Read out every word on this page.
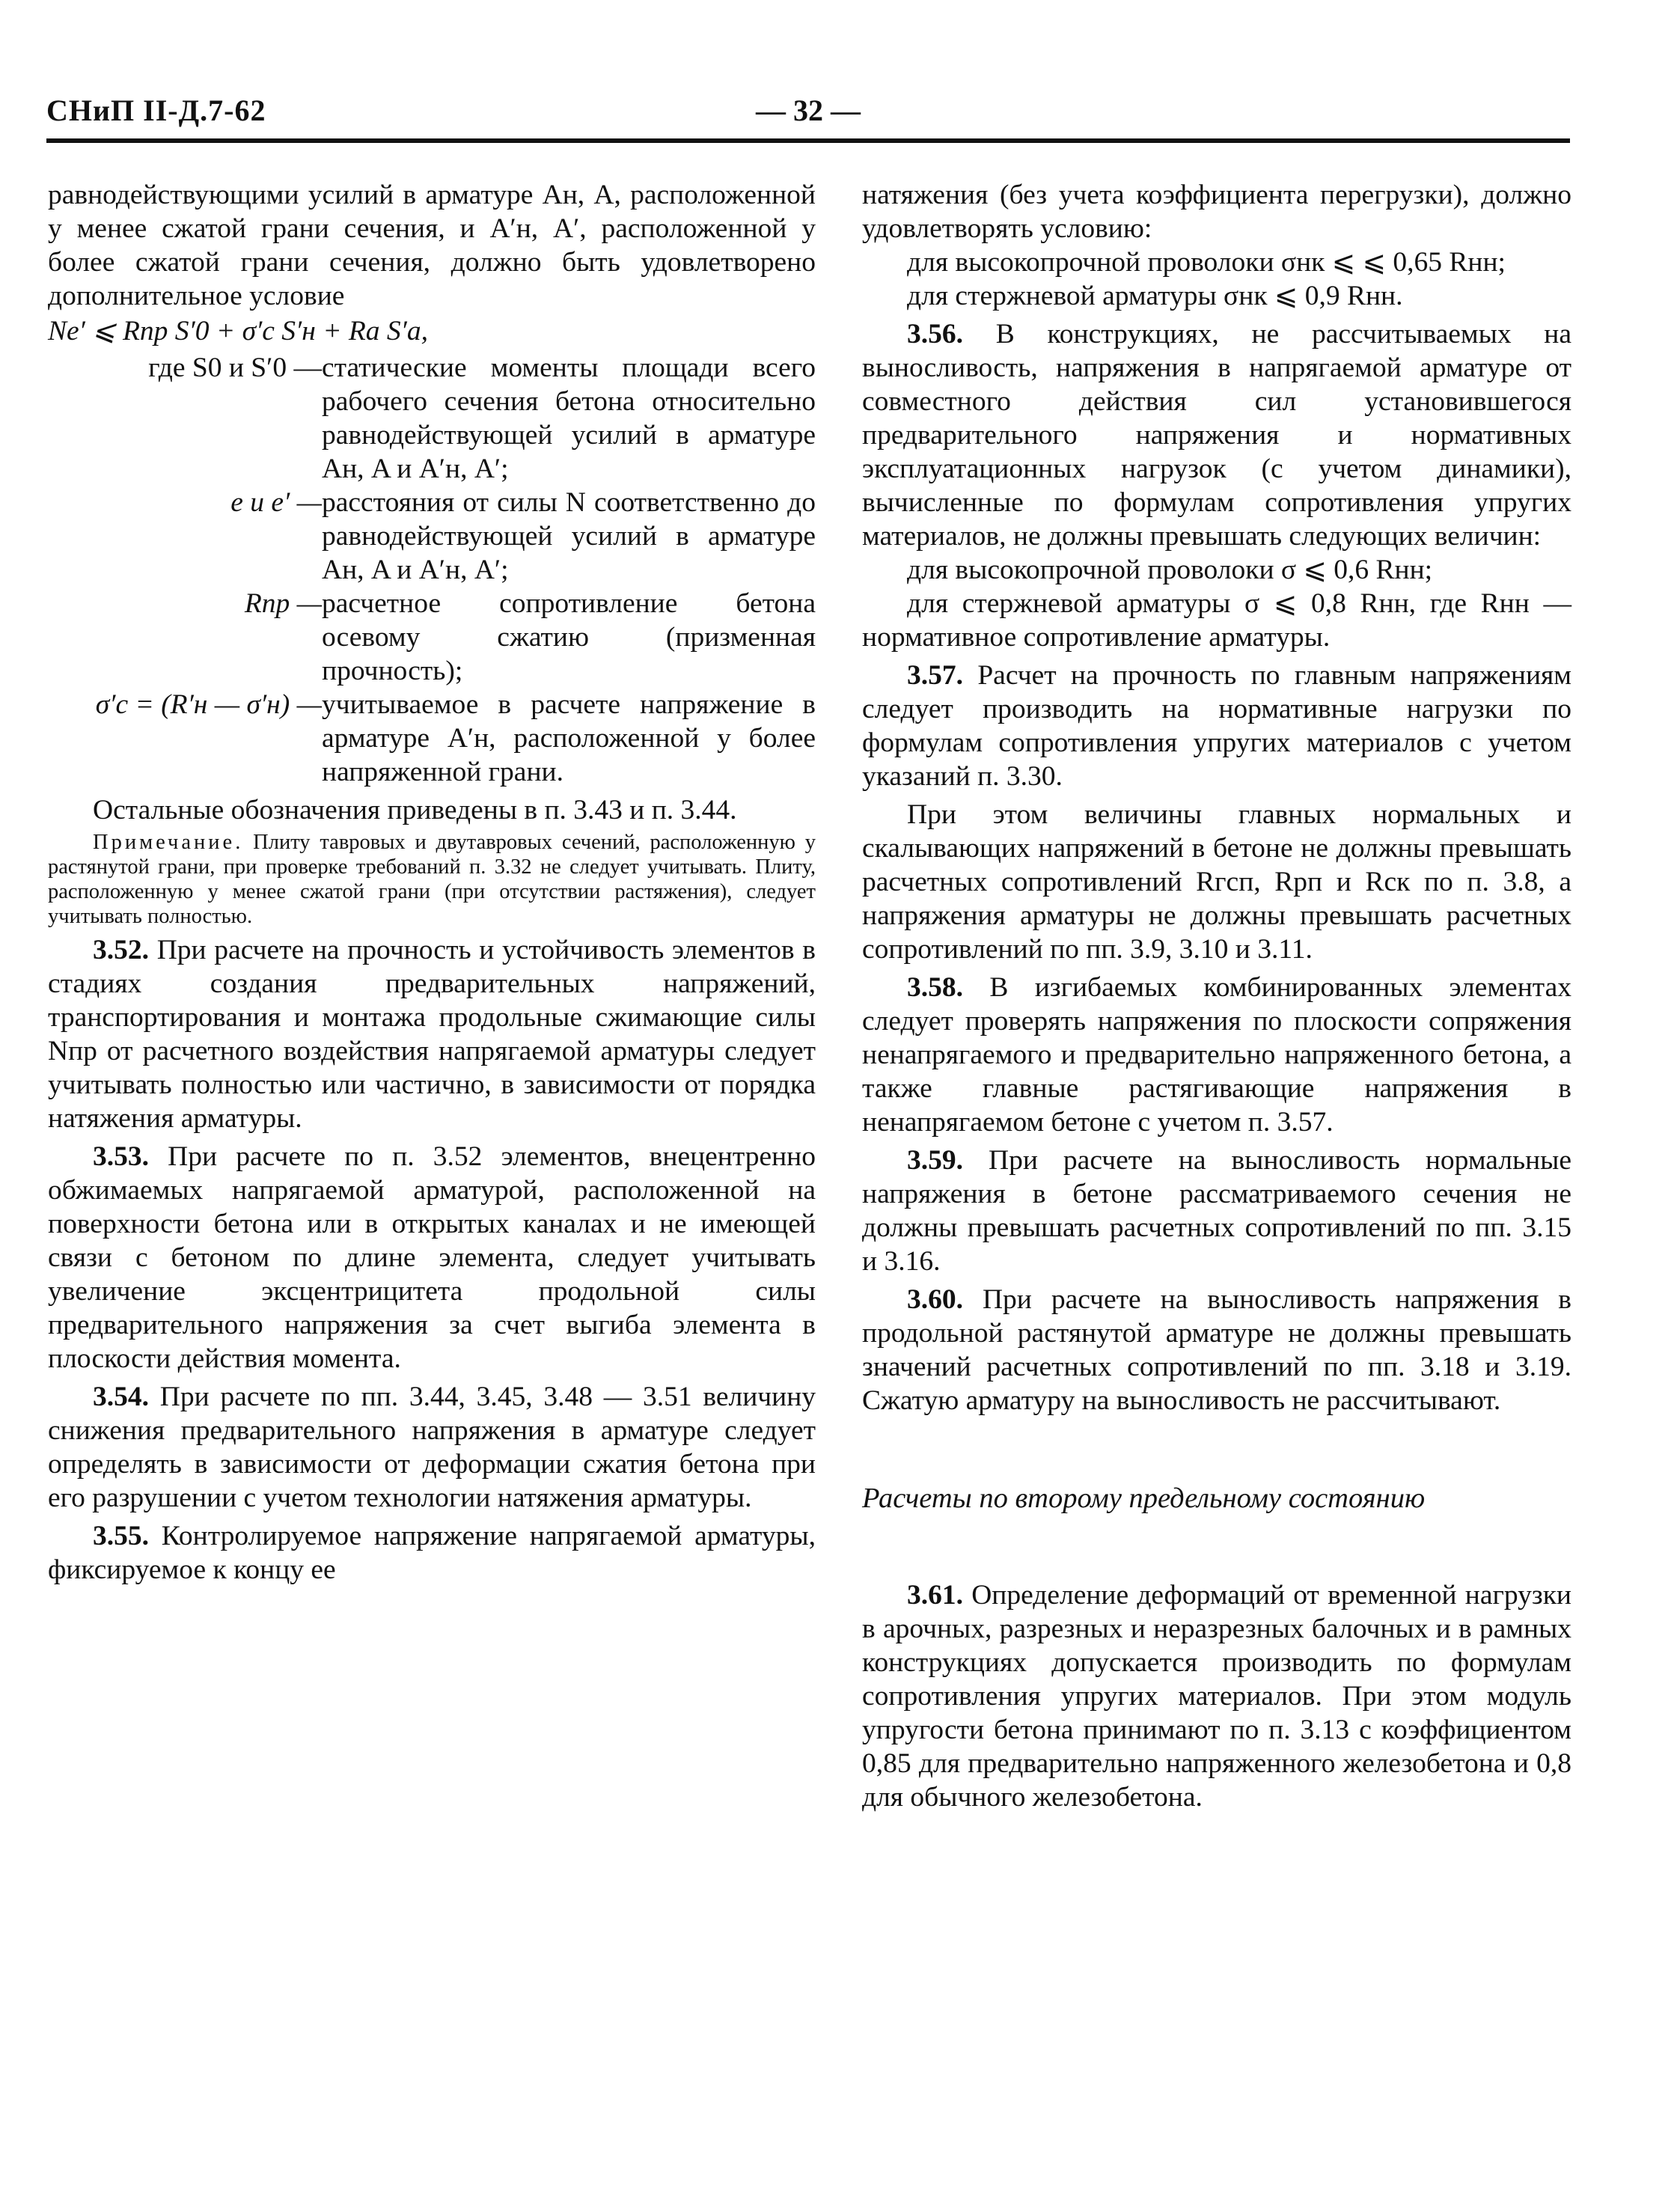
СНиП II-Д.7-62	— 32 —

равнодействующими усилий в арматуре Aн, A, расположенной у менее сжатой грани сечения, и A′н, A′, расположенной у более сжатой грани сечения, должно быть удовлетворено дополнительное условие

Ne′ ⩽ Rпр S′0 + σ′с S′н + Rа S′а,

где S0 и S′0 — статические моменты площади всего рабочего сечения бетона относительно равнодействующей усилий в арматуре Aн, A и A′н, A′;
e и e′ — расстояния от силы N соответственно до равнодействующей усилий в арматуре Aн, A и A′н, A′;
Rпр — расчетное сопротивление бетона осевому сжатию (призменная прочность);
σ′с = (R′н — σ′н) — учитываемое в расчете напряжение в арматуре A′н, расположенной у более напряженной грани.

Остальные обозначения приведены в п. 3.43 и п. 3.44.

Примечание. Плиту тавровых и двутавровых сечений, расположенную у растянутой грани, при проверке требований п. 3.32 не следует учитывать. Плиту, расположенную у менее сжатой грани (при отсутствии растяжения), следует учитывать полностью.

3.52. При расчете на прочность и устойчивость элементов в стадиях создания предварительных напряжений, транспортирования и монтажа продольные сжимающие силы Nпр от расчетного воздействия напрягаемой арматуры следует учитывать полностью или частично, в зависимости от порядка натяжения арматуры.

3.53. При расчете по п. 3.52 элементов, внецентренно обжимаемых напрягаемой арматурой, расположенной на поверхности бетона или в открытых каналах и не имеющей связи с бетоном по длине элемента, следует учитывать увеличение эксцентрицитета продольной силы предварительного напряжения за счет выгиба элемента в плоскости действия момента.

3.54. При расчете по пп. 3.44, 3.45, 3.48 — 3.51 величину снижения предварительного напряжения в арматуре следует определять в зависимости от деформации сжатия бетона при его разрушении с учетом технологии натяжения арматуры.

3.55. Контролируемое напряжение напрягаемой арматуры, фиксируемое к концу ее

натяжения (без учета коэффициента перегрузки), должно удовлетворять условию:

для высокопрочной проволоки σнк ⩽ ⩽ 0,65 Rнн;

для стержневой арматуры σнк ⩽ 0,9 Rнн.

3.56. В конструкциях, не рассчитываемых на выносливость, напряжения в напрягаемой арматуре от совместного действия сил установившегося предварительного напряжения и нормативных эксплуатационных нагрузок (с учетом динамики), вычисленные по формулам сопротивления упругих материалов, не должны превышать следующих величин:

для высокопрочной проволоки σ ⩽ 0,6 Rнн;

для стержневой арматуры σ ⩽ 0,8 Rнн, где Rнн — нормативное сопротивление арматуры.

3.57. Расчет на прочность по главным напряжениям следует производить на нормативные нагрузки по формулам сопротивления упругих материалов с учетом указаний п. 3.30.

При этом величины главных нормальных и скалывающих напряжений в бетоне не должны превышать расчетных сопротивлений Rгсп, Rрп и Rск по п. 3.8, а напряжения арматуры не должны превышать расчетных сопротивлений по пп. 3.9, 3.10 и 3.11.

3.58. В изгибаемых комбинированных элементах следует проверять напряжения по плоскости сопряжения ненапрягаемого и предварительно напряженного бетона, а также главные растягивающие напряжения в ненапрягаемом бетоне с учетом п. 3.57.

3.59. При расчете на выносливость нормальные напряжения в бетоне рассматриваемого сечения не должны превышать расчетных сопротивлений по пп. 3.15 и 3.16.

3.60. При расчете на выносливость напряжения в продольной растянутой арматуре не должны превышать значений расчетных сопротивлений по пп. 3.18 и 3.19. Сжатую арматуру на выносливость не рассчитывают.

Расчеты по второму предельному состоянию

3.61. Определение деформаций от временной нагрузки в арочных, разрезных и неразрезных балочных и в рамных конструкциях допускается производить по формулам сопротивления упругих материалов. При этом модуль упругости бетона принимают по п. 3.13 с коэффициентом 0,85 для предварительно напряженного железобетона и 0,8 для обычного железобетона.
